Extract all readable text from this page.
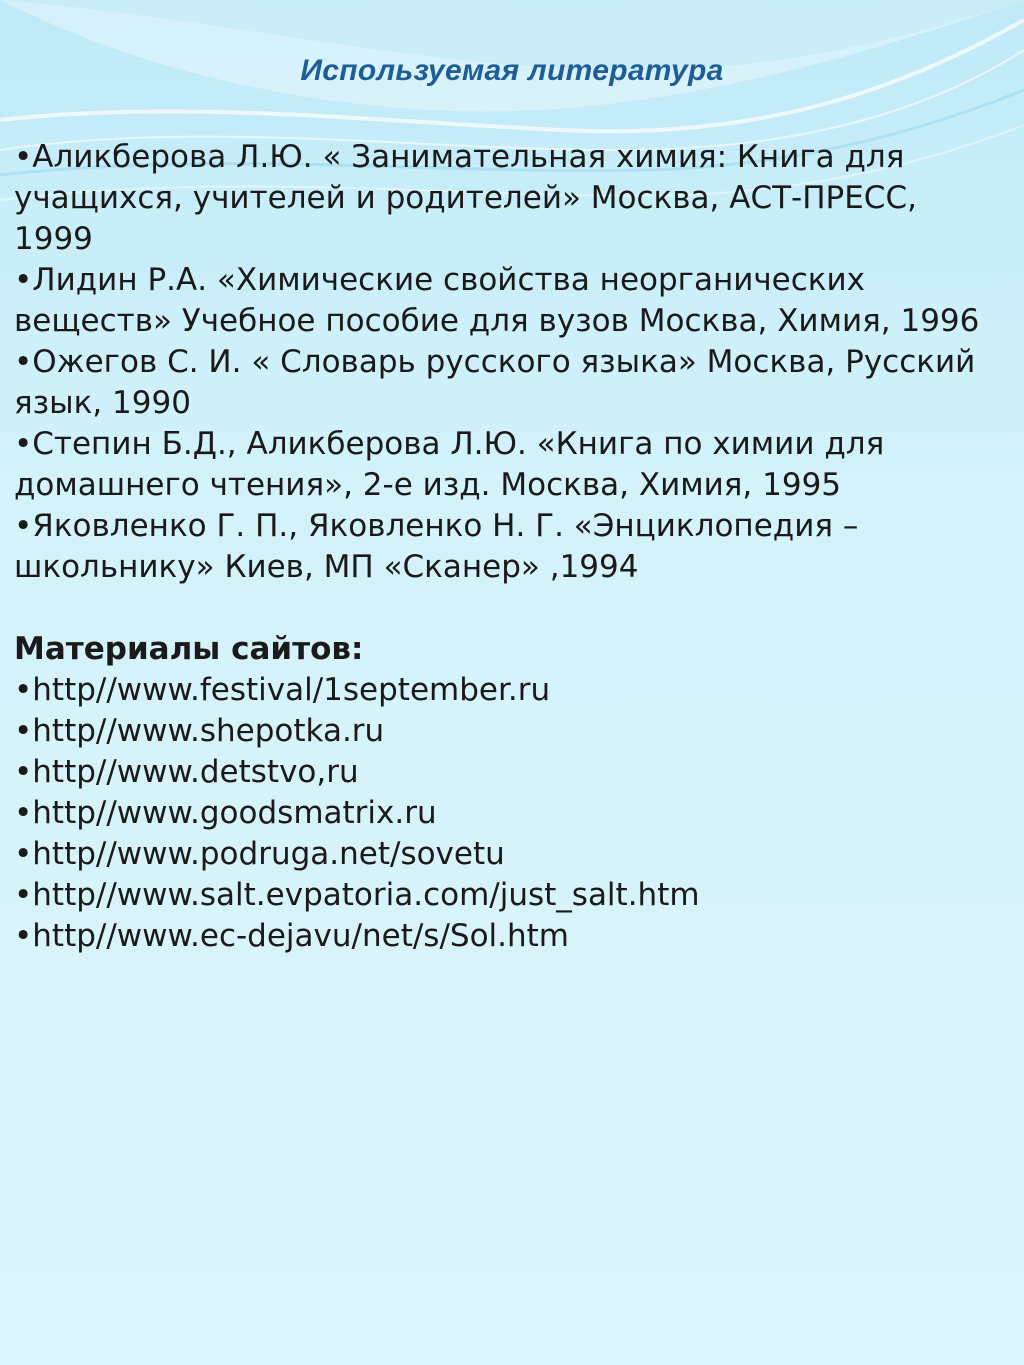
Используемая литература

•Аликберова Л.Ю. « Занимательная химия: Книга для учащихся, учителей и родителей» Москва, АСТ-ПРЕСС, 1999

•Лидин Р.А. «Химические свойства неорганических веществ» Учебное пособие для вузов Москва, Химия, 1996

•Ожегов С. И. « Словарь русского языка» Москва, Русский язык, 1990

•Степин Б.Д., Аликберова Л.Ю. «Книга по химии для домашнего чтения», 2-е изд. Москва, Химия, 1995

•Яковленко Г. П., Яковленко Н. Г. «Энциклопедия – школьнику» Киев, МП «Сканер» ,1994

Материалы сайтов:

•http//www.festival/1september.ru

•http//www.shepotka.ru

•http//www.detstvo,ru

•http//www.goodsmatrix.ru

•http//www.podruga.net/sovetu

•http//www.salt.evpatoria.com/just_salt.htm

•http//www.ec-dejavu/net/s/Sol.htm
